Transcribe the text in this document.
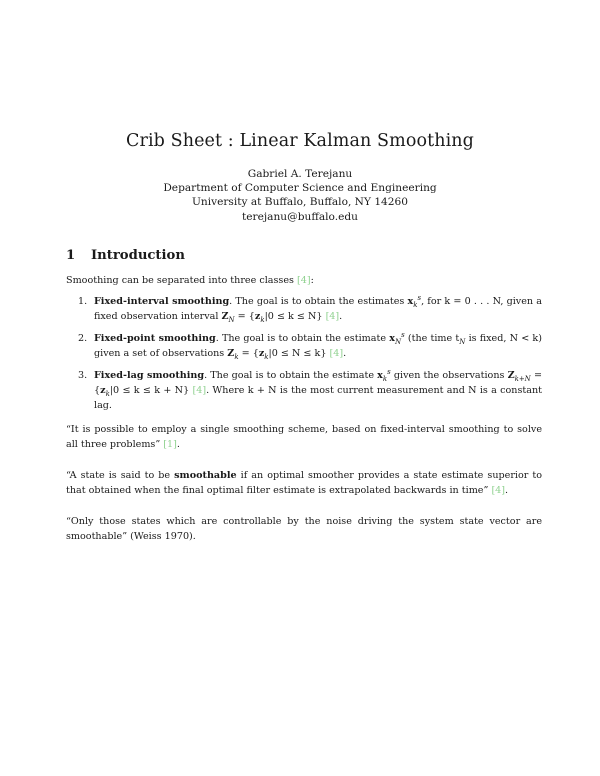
Crib Sheet : Linear Kalman Smoothing
Gabriel A. Terejanu
Department of Computer Science and Engineering
University at Buffalo, Buffalo, NY 14260
terejanu@buffalo.edu
1 Introduction
Smoothing can be separated into three classes [4]:
1. Fixed-interval smoothing. The goal is to obtain the estimates $x_k^s$, for k = 0 . . . N, given a fixed observation interval $Z_N = \{z_k|0 \le k \le N\}$ [4].
2. Fixed-point smoothing. The goal is to obtain the estimate $x_N^s$ (the time $t_N$ is fixed, N < k) given a set of observations $Z_k = \{z_k|0 \le N \le k\}$ [4].
3. Fixed-lag smoothing. The goal is to obtain the estimate $x_k^s$ given the observations $Z_{k+N} = \{z_k|0 \le k \le k + N\}$ [4]. Where k + N is the most current measurement and N is a constant lag.
“It is possible to employ a single smoothing scheme, based on fixed-interval smoothing to solve all three problems” [1].
“A state is said to be smoothable if an optimal smoother provides a state estimate superior to that obtained when the final optimal filter estimate is extrapolated backwards in time” [4].
“Only those states which are controllable by the noise driving the system state vector are smoothable” (Weiss 1970).
